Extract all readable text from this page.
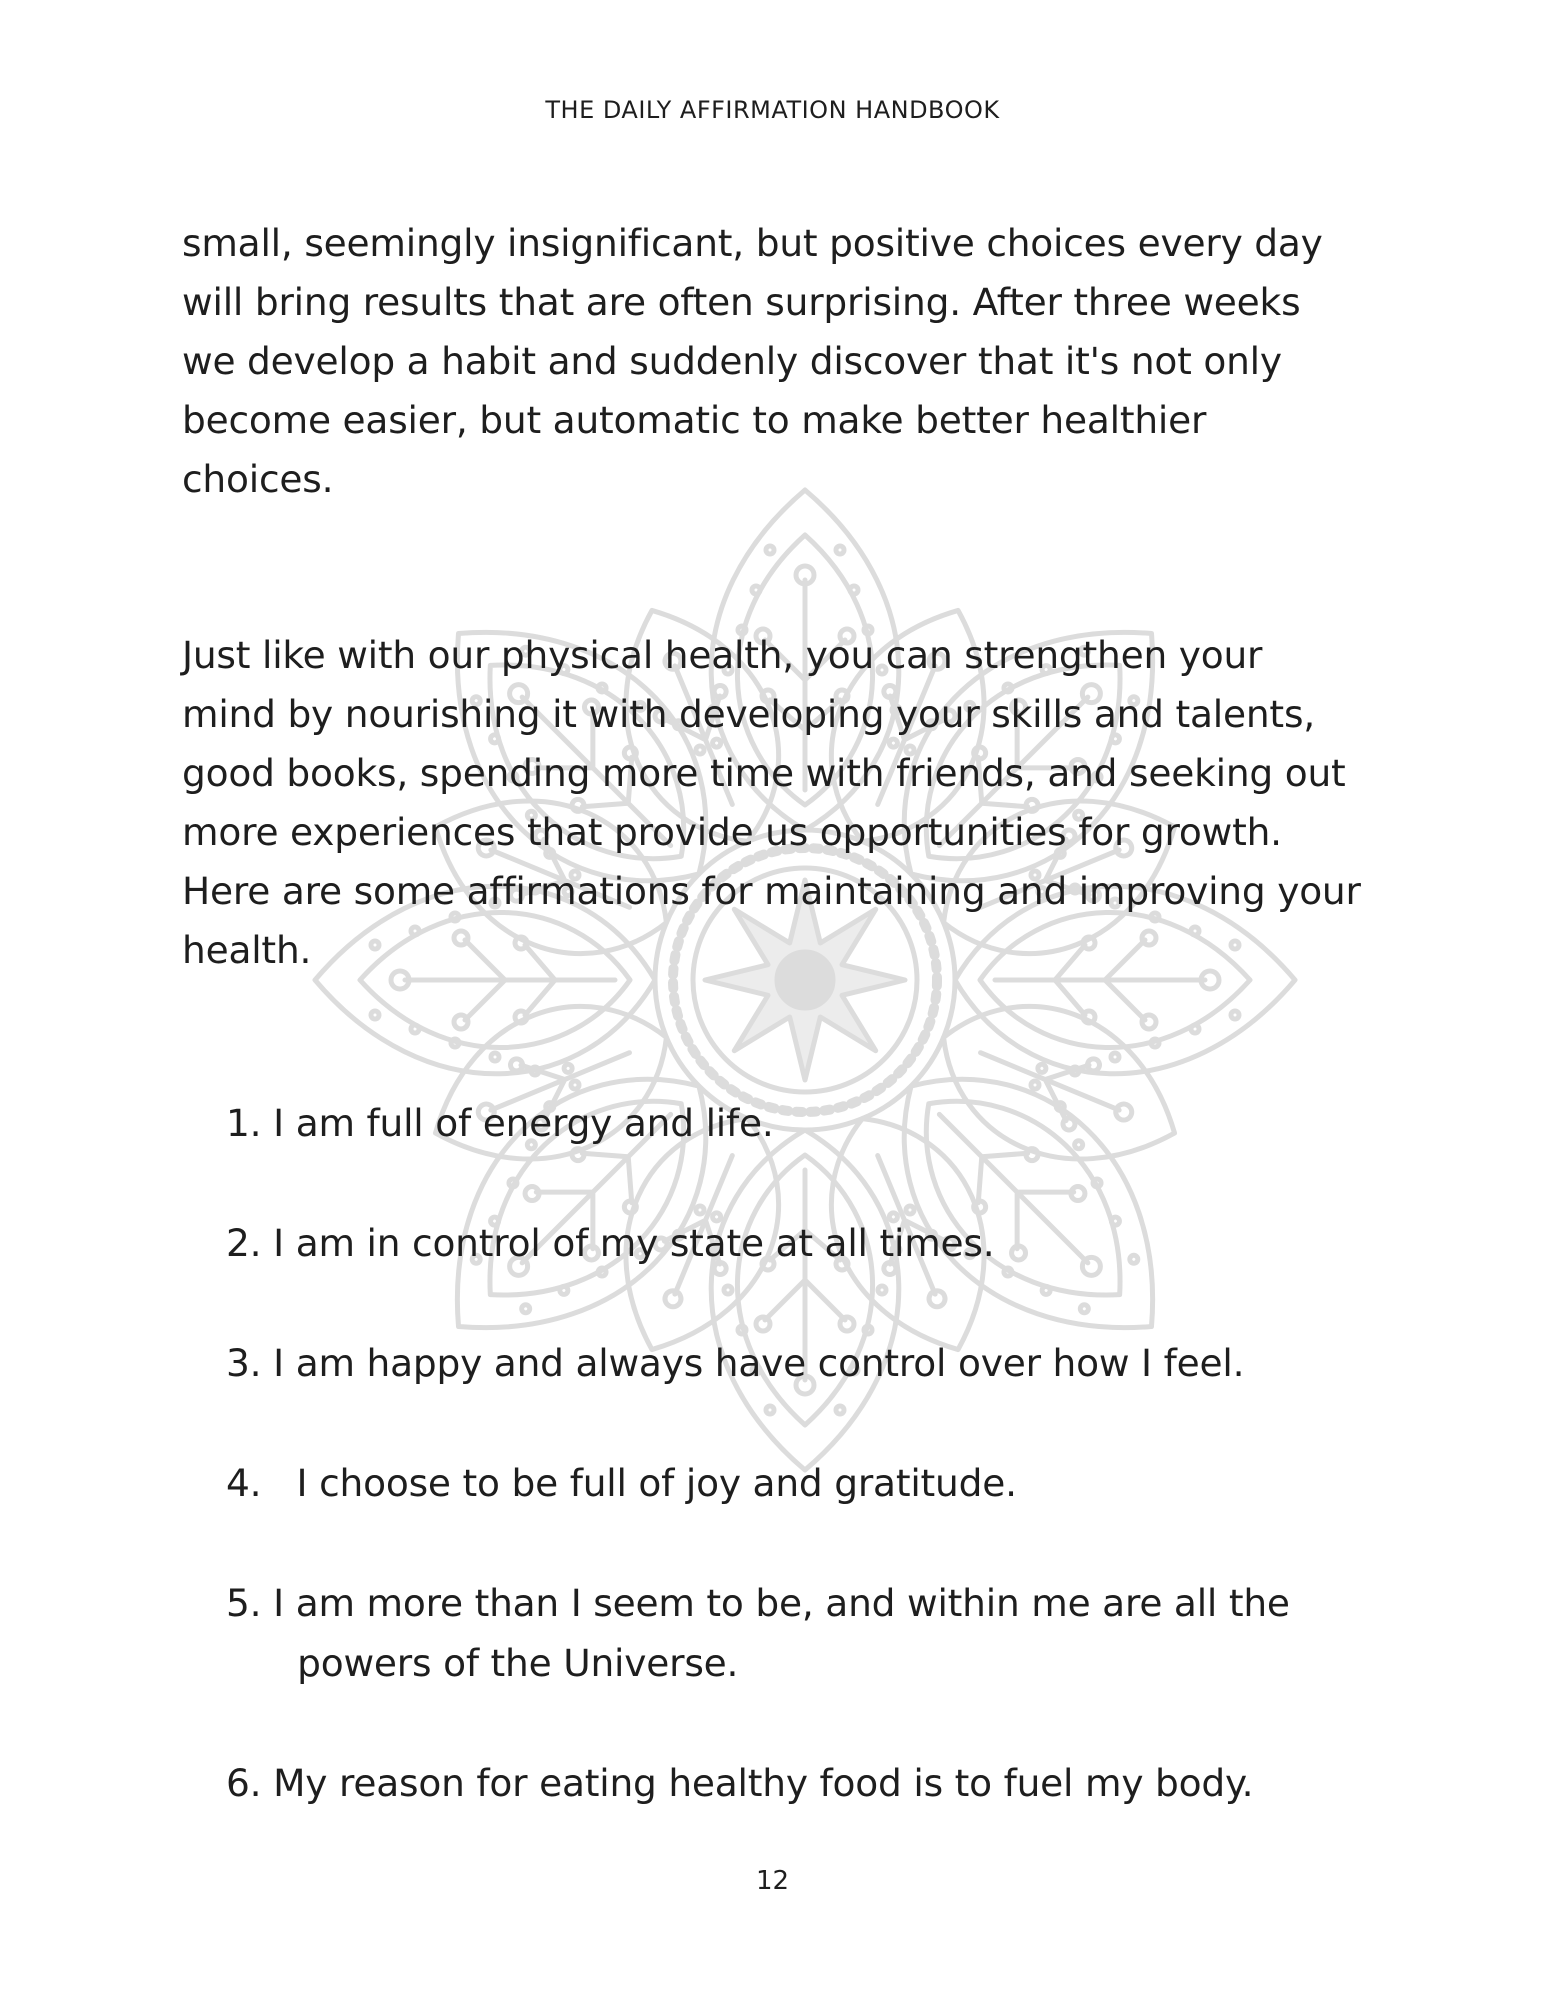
THE DAILY AFFIRMATION HANDBOOK

small, seemingly insignificant, but positive choices every day will bring results that are often surprising. After three weeks we develop a habit and suddenly discover that it's not only become easier, but automatic to make better healthier choices.

Just like with our physical health, you can strengthen your mind by nourishing it with developing your skills and talents, good books, spending more time with friends, and seeking out more experiences that provide us opportunities for growth. Here are some affirmations for maintaining and improving your health.

1. I am full of energy and life.
2. I am in control of my state at all times.
3. I am happy and always have control over how I feel.
4. I choose to be full of joy and gratitude.
5. I am more than I seem to be, and within me are all the
powers of the Universe.
6. My reason for eating healthy food is to fuel my body.
12
